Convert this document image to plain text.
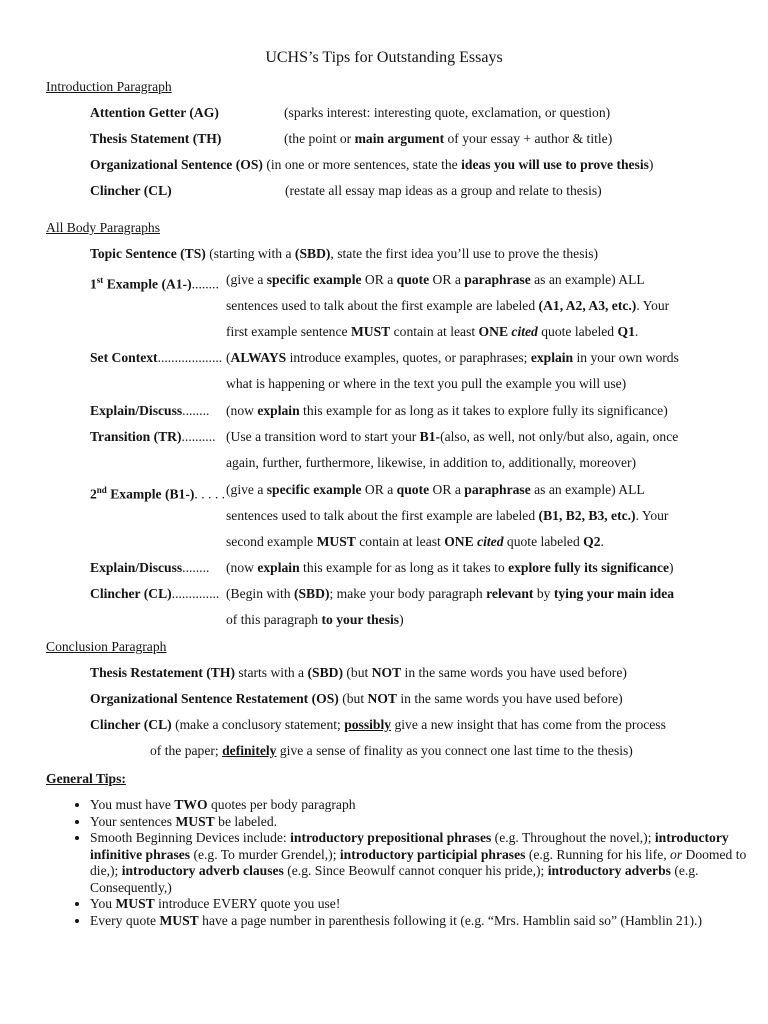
UCHS’s Tips for Outstanding Essays
Introduction Paragraph
Attention Getter (AG)	(sparks interest: interesting quote, exclamation, or question)
Thesis Statement (TH)	(the point or main argument of your essay + author & title)
Organizational Sentence (OS) (in one or more sentences, state the ideas you will use to prove thesis)
Clincher (CL)	(restate all essay map ideas as a group and relate to thesis)
All Body Paragraphs
Topic Sentence (TS) (starting with a (SBD), state the first idea you’ll use to prove the thesis)
1st Example (A1-)........ (give a specific example OR a quote OR a paraphrase as an example) ALL
sentences used to talk about the first example are labeled (A1, A2, A3, etc.). Your
first example sentence MUST contain at least ONE cited quote labeled Q1.
Set Context................... (ALWAYS introduce examples, quotes, or paraphrases; explain in your own words
what is happening or where in the text you pull the example you will use)
Explain/Discuss........ (now explain this example for as long as it takes to explore fully its significance)
Transition (TR).......... (Use a transition word to start your B1-(also, as well, not only/but also, again, once
again, further, furthermore, likewise, in addition to, additionally, moreover)
2nd Example (B1-). . . . . (give a specific example OR a quote OR a paraphrase as an example) ALL
sentences used to talk about the first example are labeled (B1, B2, B3, etc.). Your
second example MUST contain at least ONE cited quote labeled Q2.
Explain/Discuss........ (now explain this example for as long as it takes to explore fully its significance)
Clincher (CL).............. (Begin with (SBD); make your body paragraph relevant by tying your main idea
of this paragraph to your thesis)
Conclusion Paragraph
Thesis Restatement (TH) starts with a (SBD) (but NOT in the same words you have used before)
Organizational Sentence Restatement (OS) (but NOT in the same words you have used before)
Clincher (CL) (make a conclusory statement; possibly give a new insight that has come from the process
of the paper; definitely give a sense of finality as you connect one last time to the thesis)
General Tips:
• You must have TWO quotes per body paragraph
• Your sentences MUST be labeled.
• Smooth Beginning Devices include: introductory prepositional phrases (e.g. Throughout the novel,); introductory infinitive phrases (e.g. To murder Grendel,); introductory participial phrases (e.g. Running for his life, or Doomed to die,); introductory adverb clauses (e.g. Since Beowulf cannot conquer his pride,); introductory adverbs (e.g. Consequently,)
• You MUST introduce EVERY quote you use!
• Every quote MUST have a page number in parenthesis following it (e.g. “Mrs. Hamblin said so” (Hamblin 21).)
